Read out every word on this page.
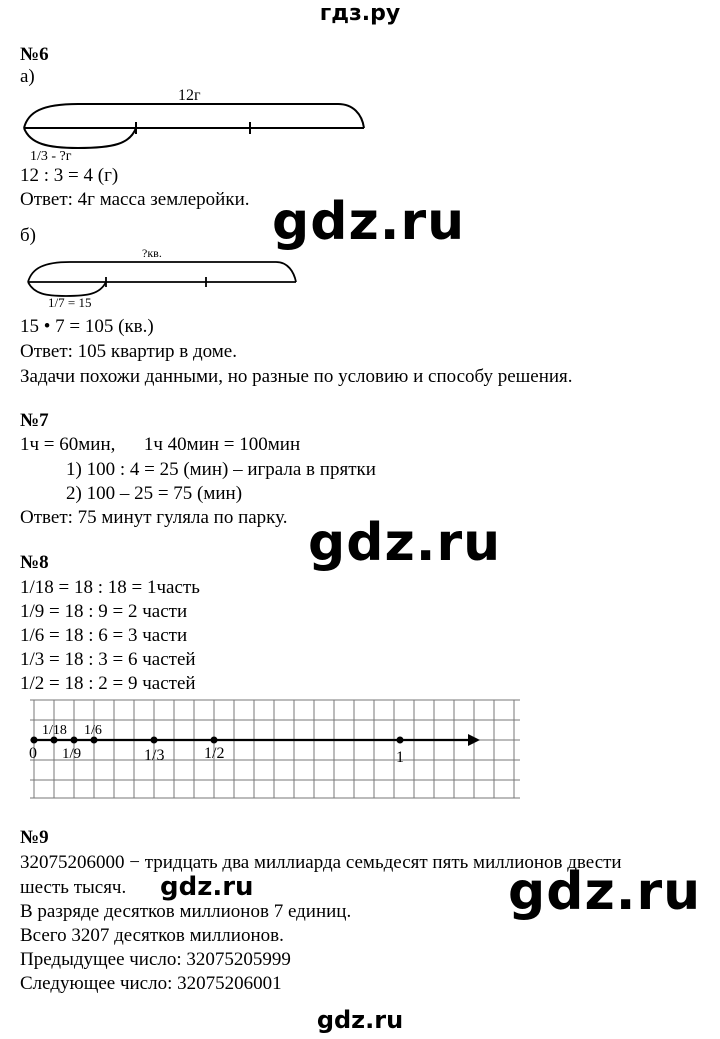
гдз.ру
№6
а)
12г
1/3 - ?г
12 : 3 = 4 (г)
Ответ: 4г масса землеройки. gdz.ru
б)
?кв.
1/7 = 15
15 • 7 = 105 (кв.)
Ответ: 105 квартир в доме.
Задачи похожи данными, но разные по условию и способу решения.
№7
1ч = 60мин,      1ч 40мин = 100мин
1) 100 : 4 = 25 (мин) – играла в прятки
2) 100 – 25 = 75 (мин)
Ответ: 75 минут гуляла по парку. gdz.ru
№8
1/18 = 18 : 18 = 1часть
1/9 = 18 : 9 = 2 части
1/6 = 18 : 6 = 3 части
1/3 = 18 : 3 = 6 частей
1/2 = 18 : 2 = 9 частей
1/18 1/6
0 1/9	1/3 1/2	1
№9
32075206000 − тридцать два миллиарда семьдесят пять миллионов двести
шесть тысяч. gdz.ru	gdz.ru
В разряде десятков миллионов 7 единиц.
Всего 3207 десятков миллионов.
Предыдущее число: 32075205999
Следующее число: 32075206001
gdz.ru
